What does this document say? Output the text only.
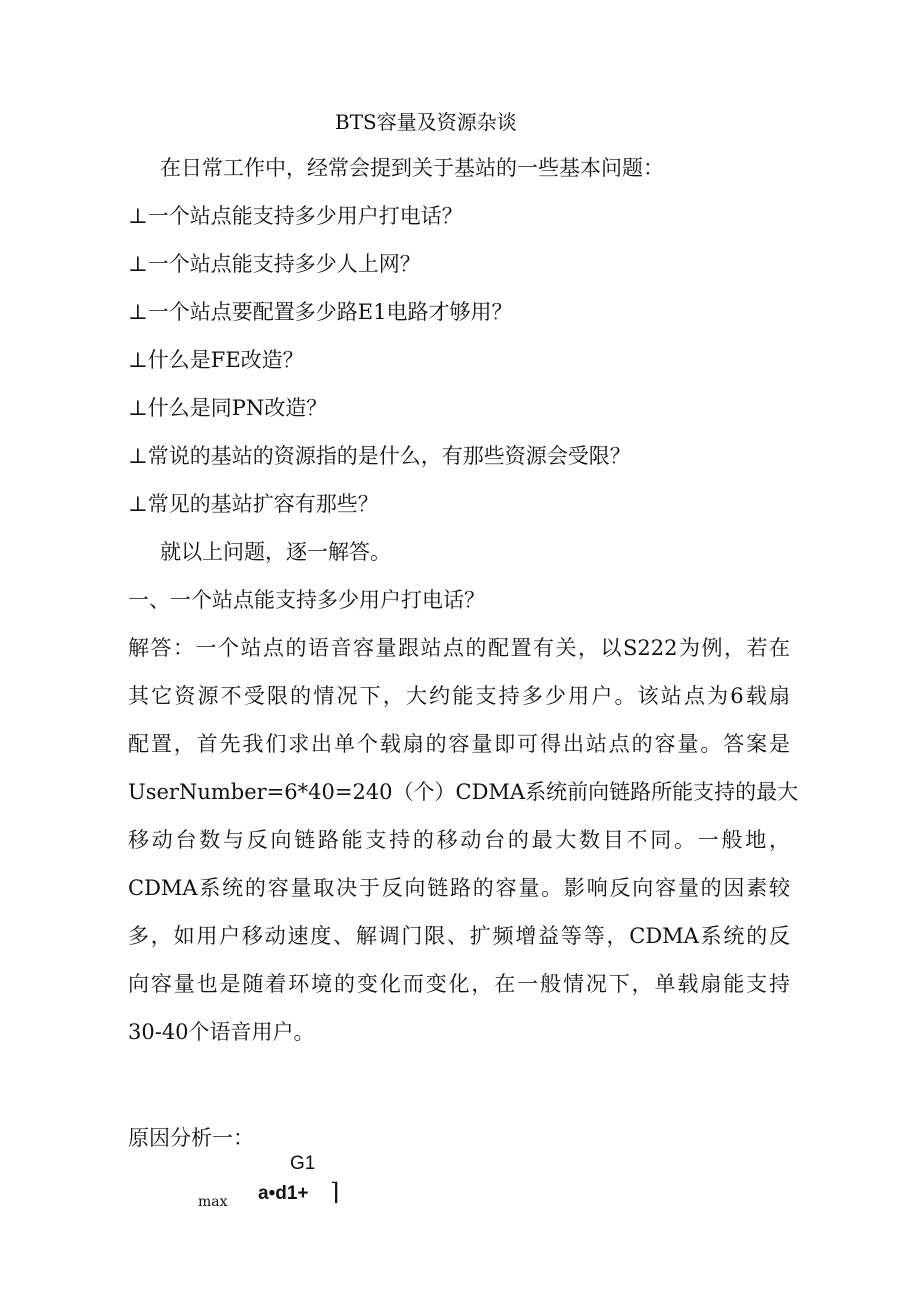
BTS容量及资源杂谈
在日常工作中，经常会提到关于基站的一些基本问题：
⊥一个站点能支持多少用户打电话？
⊥一个站点能支持多少人上网？
⊥一个站点要配置多少路E1电路才够用？
⊥什么是FE改造？
⊥什么是同PN改造？
⊥常说的基站的资源指的是什么，有那些资源会受限？
⊥常见的基站扩容有那些？
就以上问题，逐一解答。
一、一个站点能支持多少用户打电话？
解答：一个站点的语音容量跟站点的配置有关，以S222为例，若在
其它资源不受限的情况下，大约能支持多少用户。该站点为6载扇
配置，首先我们求出单个载扇的容量即可得出站点的容量。答案是
UserNumber=6*40=240（个）CDMA系统前向链路所能支持的最大
移动台数与反向链路能支持的移动台的最大数目不同。一般地，
CDMA系统的容量取决于反向链路的容量。影响反向容量的因素较
多，如用户移动速度、解调门限、扩频增益等等，CDMA系统的反
向容量也是随着环境的变化而变化，在一般情况下，单载扇能支持
30-40个语音用户。
原因分析一：
G1
max a•d1+ ⌉
